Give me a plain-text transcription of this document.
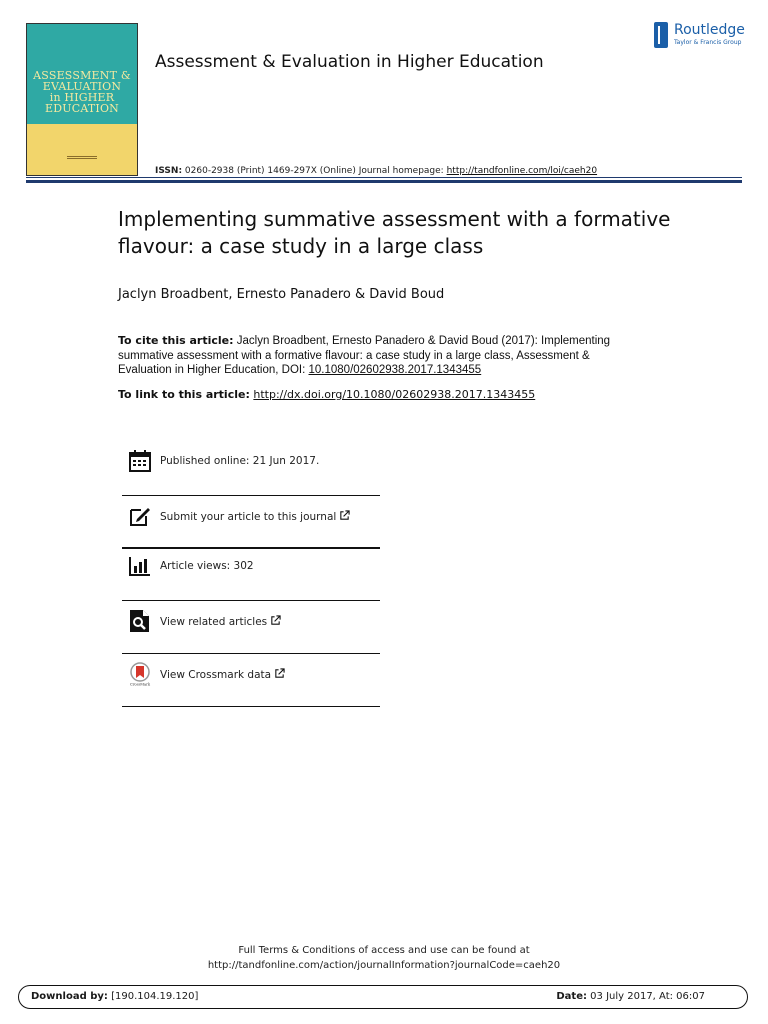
ASSESSMENT &
EVALUATION
in HIGHER
EDUCATION
Assessment & Evaluation in Higher Education
ISSN: 0260-2938 (Print) 1469-297X (Online) Journal homepage: http://tandfonline.com/loi/caeh20
Routledge
Taylor & Francis Group
Implementing summative assessment with a formative flavour: a case study in a large class
Jaclyn Broadbent, Ernesto Panadero & David Boud
To cite this article: Jaclyn Broadbent, Ernesto Panadero & David Boud (2017): Implementing summative assessment with a formative flavour: a case study in a large class, Assessment & Evaluation in Higher Education, DOI: 10.1080/02602938.2017.1343455
To link to this article: http://dx.doi.org/10.1080/02602938.2017.1343455
Published online: 21 Jun 2017.
Submit your article to this journal
Article views: 302
View related articles
CrossMark
View Crossmark data
Full Terms & Conditions of access and use can be found at
http://tandfonline.com/action/journalInformation?journalCode=caeh20
Download by: [190.104.19.120]	Date: 03 July 2017, At: 06:07
